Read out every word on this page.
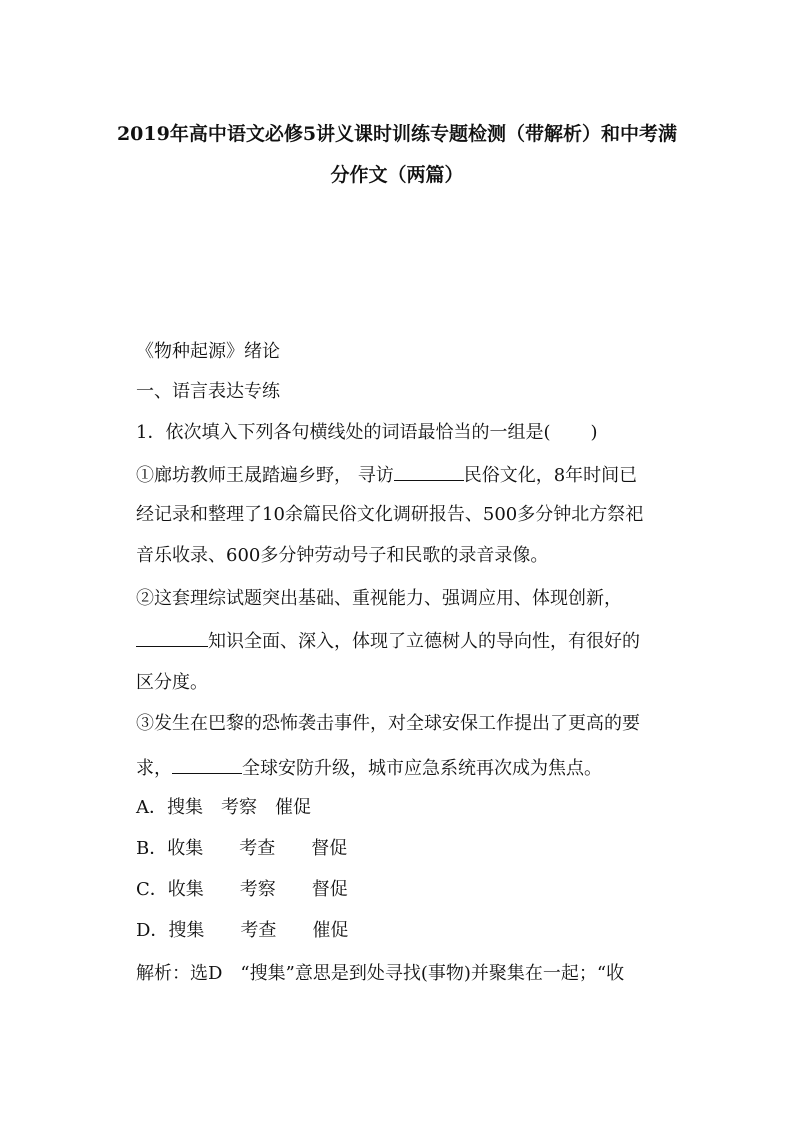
2019年高中语文必修5讲义课时训练专题检测（带解析）和中考满
分作文（两篇）
《物种起源》绪论
一、语言表达专练
1．依次填入下列各句横线处的词语最恰当的一组是( )
①廊坊教师王晟踏遍乡野， 寻访	民俗文化，8年时间已
经记录和整理了10余篇民俗文化调研报告、500多分钟北方祭祀
音乐收录、600多分钟劳动号子和民歌的录音录像。
②这套理综试题突出基础、重视能力、强调应用、体现创新，
知识全面、深入，体现了立德树人的导向性，有很好的
区分度。
③发生在巴黎的恐怖袭击事件，对全球安保工作提出了更高的要
求，	全球安防升级，城市应急系统再次成为焦点。
A．搜集　考察　催促
B．收集　　考查　　督促
C．收集　　考察　　督促
D．搜集　　考查　　催促
解析：选D　“搜集”意思是到处寻找(事物)并聚集在一起；“收
